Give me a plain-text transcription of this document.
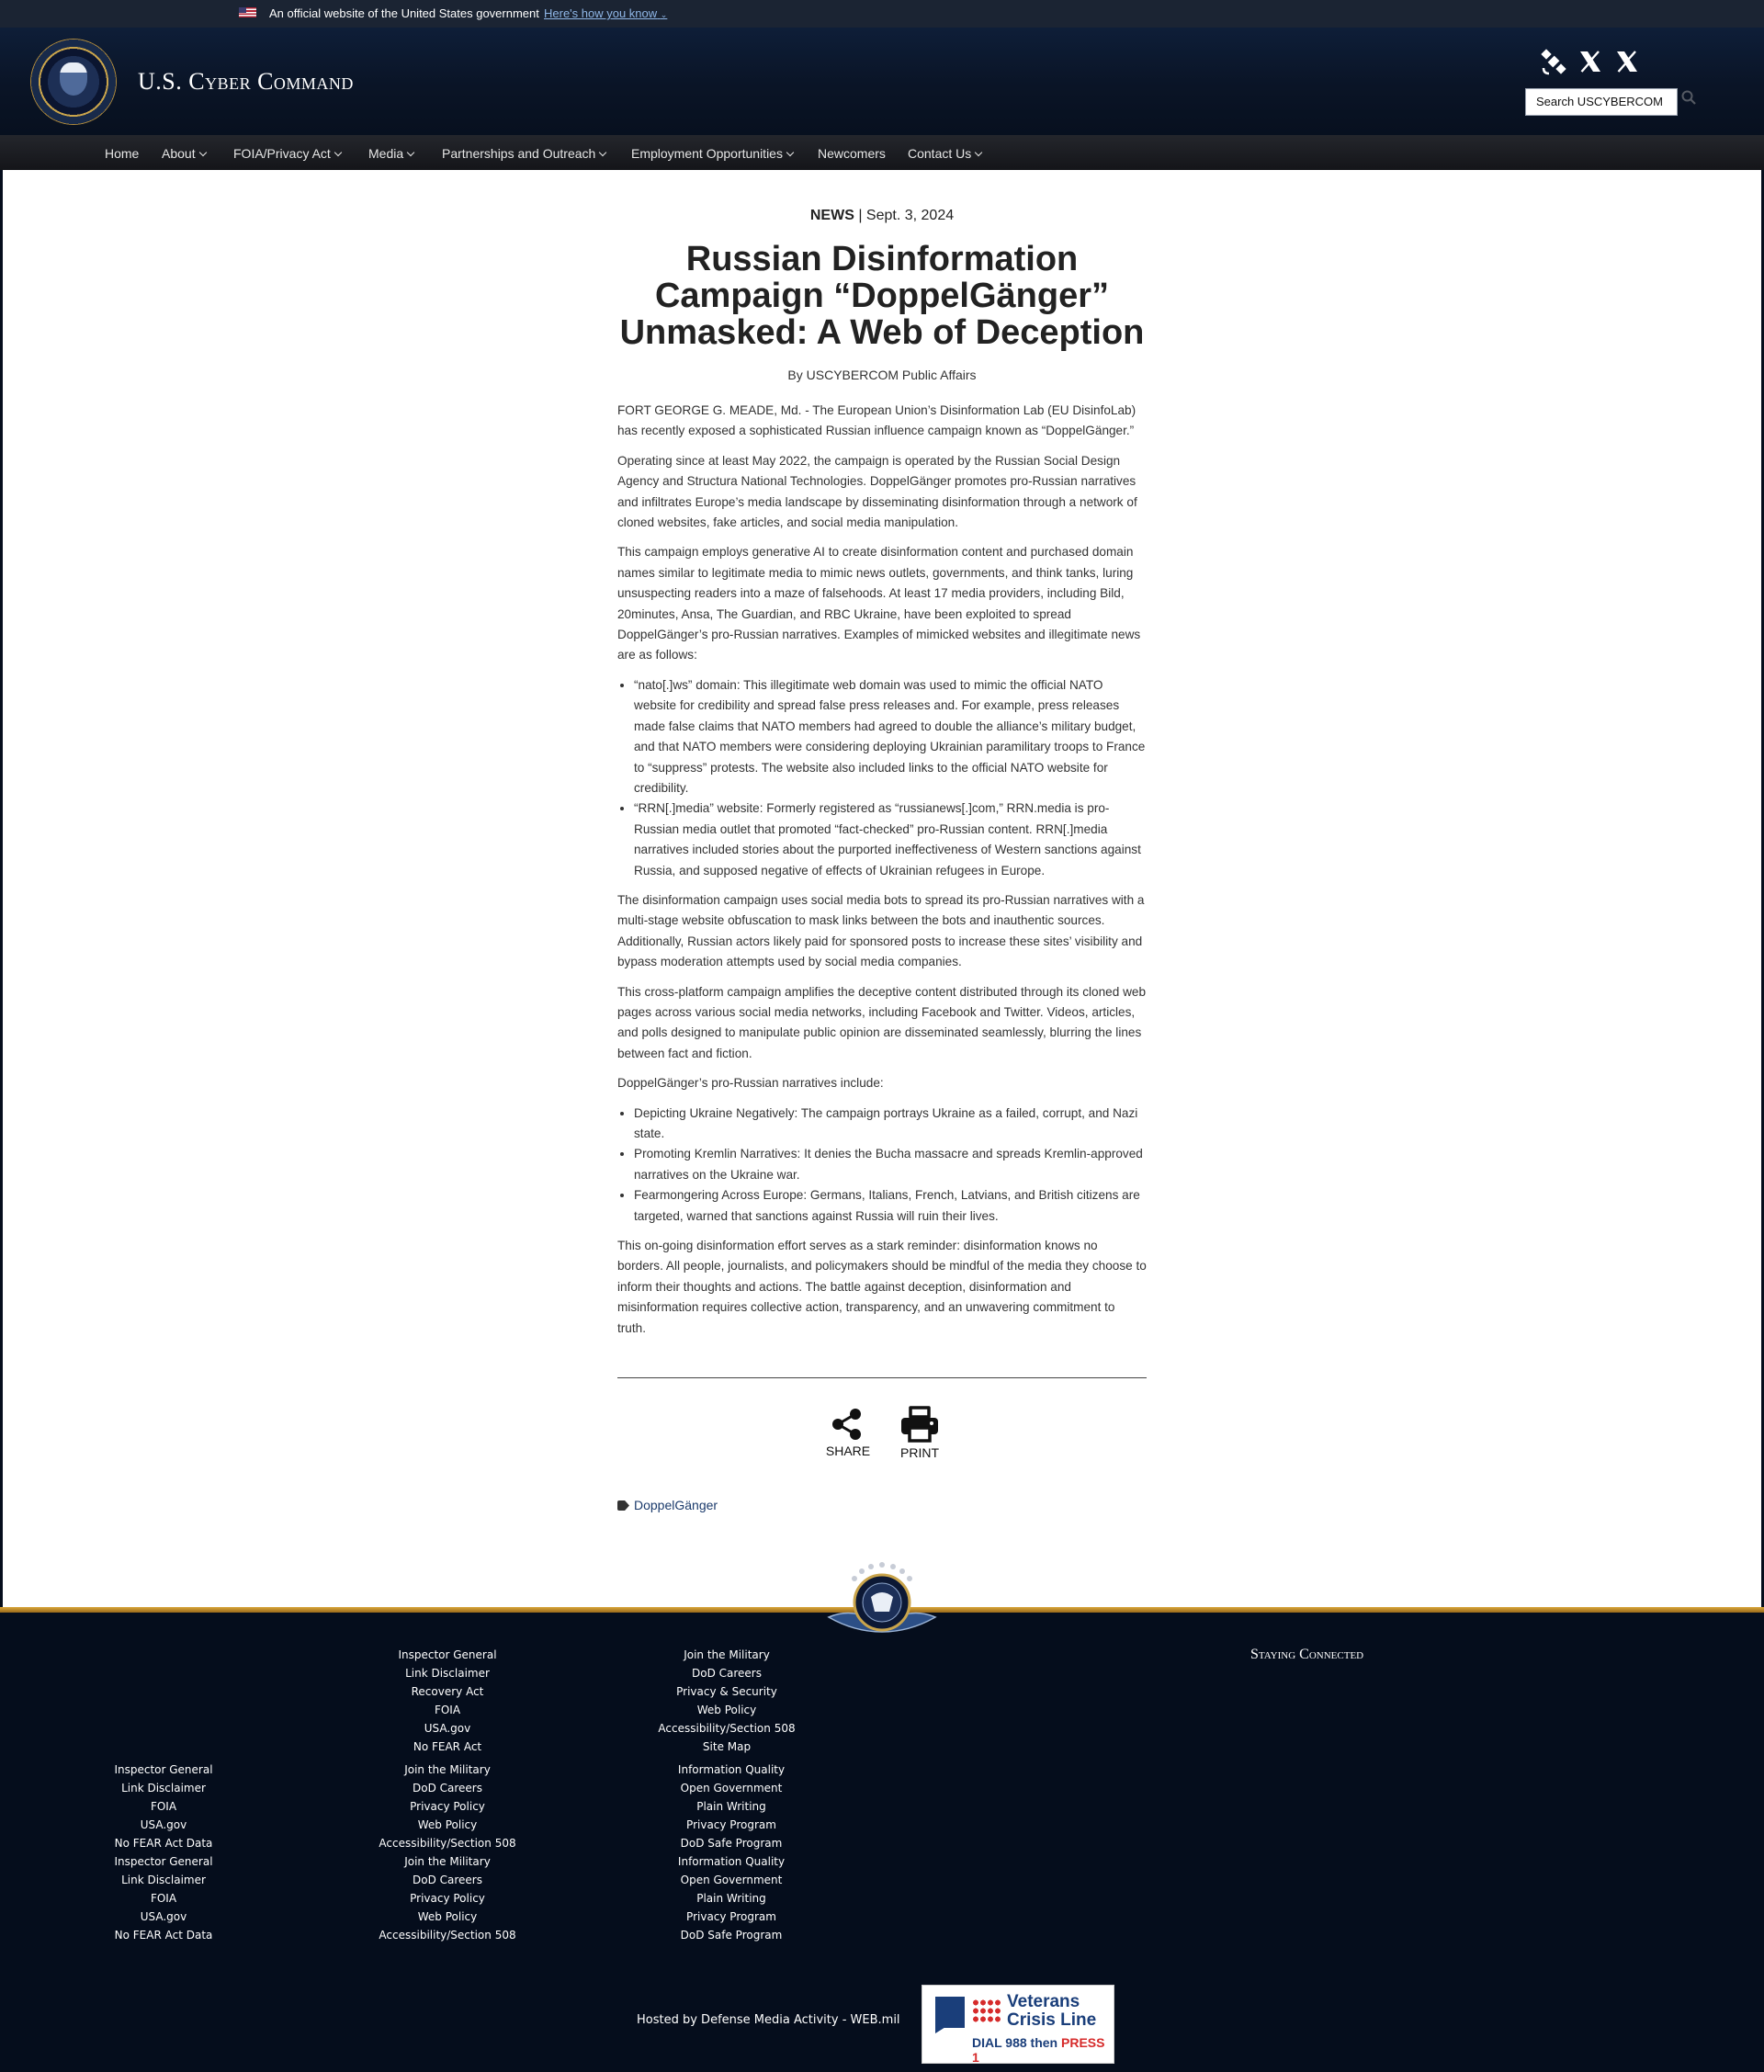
An official website of the United States government Here's how you know ⌄
U.S. Cyber Command
Search USCYBERCOM
Home About	FOIA/Privacy Act	Media	Partnerships and Outreach	Employment Opportunities	Newcomers Contact Us
NEWS | Sept. 3, 2024
Russian Disinformation Campaign “DoppelGänger” Unmasked: A Web of Deception
By USCYBERCOM Public Affairs

FORT GEORGE G. MEADE, Md. - The European Union’s Disinformation Lab (EU DisinfoLab) has recently exposed a sophisticated Russian influence campaign known as “DoppelGänger.”

Operating since at least May 2022, the campaign is operated by the Russian Social Design Agency and Structura National Technologies. DoppelGänger promotes pro-Russian narratives and infiltrates Europe’s media landscape by disseminating disinformation through a network of cloned websites, fake articles, and social media manipulation.

This campaign employs generative AI to create disinformation content and purchased domain names similar to legitimate media to mimic news outlets, governments, and think tanks, luring unsuspecting readers into a maze of falsehoods. At least 17 media providers, including Bild, 20minutes, Ansa, The Guardian, and RBC Ukraine, have been exploited to spread DoppelGänger’s pro-Russian narratives. Examples of mimicked websites and illegitimate news are as follows:

• “nato[.]ws” domain: This illegitimate web domain was used to mimic the official NATO website for credibility and spread false press releases and. For example, press releases made false claims that NATO members had agreed to double the alliance’s military budget, and that NATO members were considering deploying Ukrainian paramilitary troops to France to “suppress” protests. The website also included links to the official NATO website for credibility.
• “RRN[.]media” website: Formerly registered as “russianews[.]com,” RRN.media is pro-Russian media outlet that promoted “fact-checked” pro-Russian content. RRN[.]media narratives included stories about the purported ineffectiveness of Western sanctions against Russia, and supposed negative of effects of Ukrainian refugees in Europe.

The disinformation campaign uses social media bots to spread its pro-Russian narratives with a multi-stage website obfuscation to mask links between the bots and inauthentic sources. Additionally, Russian actors likely paid for sponsored posts to increase these sites’ visibility and bypass moderation attempts used by social media companies.

This cross-platform campaign amplifies the deceptive content distributed through its cloned web pages across various social media networks, including Facebook and Twitter. Videos, articles, and polls designed to manipulate public opinion are disseminated seamlessly, blurring the lines between fact and fiction.

DoppelGänger’s pro-Russian narratives include:

• Depicting Ukraine Negatively: The campaign portrays Ukraine as a failed, corrupt, and Nazi state.
• Promoting Kremlin Narratives: It denies the Bucha massacre and spreads Kremlin-approved narratives on the Ukraine war.
• Fearmongering Across Europe: Germans, Italians, French, Latvians, and British citizens are targeted, warned that sanctions against Russia will ruin their lives.

This on-going disinformation effort serves as a stark reminder: disinformation knows no borders. All people, journalists, and policymakers should be mindful of the media they choose to inform their thoughts and actions. The battle against deception, disinformation and misinformation requires collective action, transparency, and an unwavering commitment to truth.

SHARE PRINT
DoppelGänger
Inspector General
Link Disclaimer
Recovery Act
FOIA
USA.gov
No FEAR Act
Join the Military
DoD Careers
Privacy & Security
Web Policy
Accessibility/Section 508
Site Map
Staying Connected
Inspector General
Link Disclaimer
FOIA
USA.gov
No FEAR Act Data
Inspector General
Link Disclaimer
FOIA
USA.gov
No FEAR Act Data
Join the Military
DoD Careers
Privacy Policy
Web Policy
Accessibility/Section 508
Join the Military
DoD Careers
Privacy Policy
Web Policy
Accessibility/Section 508
Information Quality
Open Government
Plain Writing
Privacy Program
DoD Safe Program
Information Quality
Open Government
Plain Writing
Privacy Program
DoD Safe Program
Hosted by Defense Media Activity - WEB.mil
Veterans
Crisis Line
DIAL 988 then PRESS 1
